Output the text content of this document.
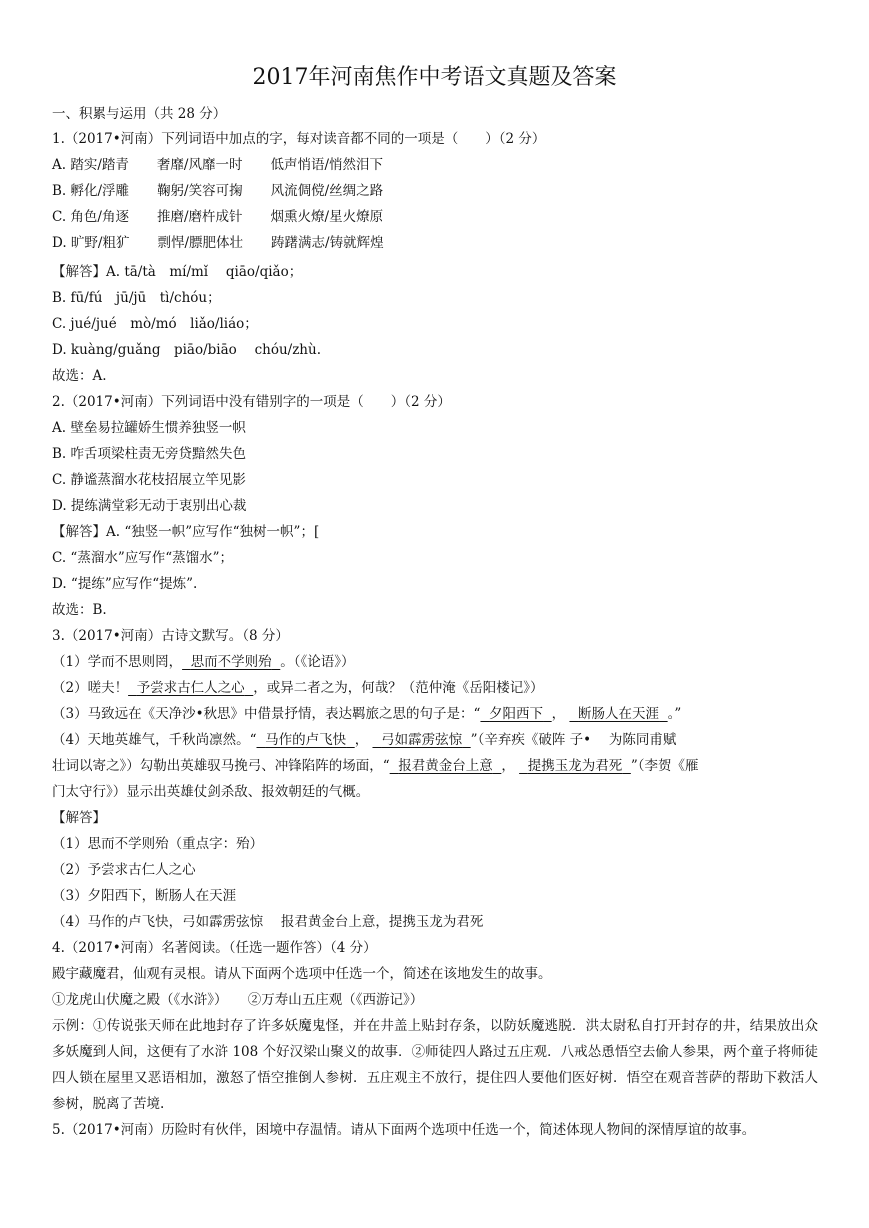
2017年河南焦作中考语文真题及答案
一、积累与运用（共 28 分）
1.（2017•河南）下列词语中加点的字，每对读音都不同的一项是（　　）（2 分）
A. 踏实/踏青 奢靡/风靡一时 低声悄语/悄然泪下
B. 孵化/浮雕 鞠躬/笑容可掬 风流倜傥/丝绸之路
C. 角色/角逐 推磨/磨杵成针 烟熏火燎/星火燎原
D. 旷野/粗犷 剽悍/膘肥体壮 踌躇满志/铸就辉煌
【解答】A. tā/tà　mí/mǐ　 qiāo/qiǎo；
B. fū/fú　jū/jū　tì/chóu；
C. jué/jué　mò/mó　liǎo/liáo；
D. kuàng/guǎng　piāo/biāo　 chóu/zhù.
故选：A.
2.（2017•河南）下列词语中没有错别字的一项是（　　）（2 分）
A. 壁垒易拉罐娇生惯养独竖一帜
B. 咋舌项梁柱责无旁贷黯然失色
C. 静谧蒸溜水花枝招展立竿见影
D. 提练满堂彩无动于衷别出心裁
【解答】A. “独竖一帜”应写作“独树一帜”；[
C. “蒸溜水”应写作“蒸馏水”；
D. “提练”应写作“提炼”.
故选：B.
3.（2017•河南）古诗文默写。（8 分）
（1）学而不思则罔， 思而不学则殆 。（《论语》）
（2）嗟夫！ 予尝求古仁人之心 ，或异二者之为，何哉？（范仲淹《岳阳楼记》）
（3）马致远在《天净沙•秋思》中借景抒情，表达羁旅之思的句子是：“ 夕阳西下 ， 断肠人在天涯 。”
（4）天地英雄气，千秋尚凛然。“ 马作的卢飞快 ， 弓如霹雳弦惊 ”（辛弃疾《破阵 子•　 为陈同甫赋
壮词以寄之》）勾勒出英雄驭马挽弓、冲锋陷阵的场面，“ 报君黄金台上意 ， 提携玉龙为君死 ”（李贺《雁
门太守行》）显示出英雄仗剑杀敌、报效朝廷的气概。
【解答】
（1）思而不学则殆（重点字：殆）
（2）予尝求古仁人之心
（3）夕阳西下，断肠人在天涯
（4）马作的卢飞快，弓如霹雳弦惊　 报君黄金台上意，提携玉龙为君死
4.（2017•河南）名著阅读。（任选一题作答）（4 分）
殿宇藏魔君，仙观有灵根。请从下面两个选项中任选一个，简述在该地发生的故事。
①龙虎山伏魔之殿（《水浒》）　　②万寿山五庄观（《西游记》）
示例：①传说张天师在此地封存了许多妖魔鬼怪，并在井盖上贴封存条，以防妖魔逃脱．洪太尉私自打开封存的井，结果放出众多妖魔到人间，这便有了水浒 108 个好汉梁山聚义的故事．②师徒四人路过五庄观．八戒怂恿悟空去偷人参果，两个童子将师徒四人锁在屋里又恶语相加，激怒了悟空推倒人参树．五庄观主不放行，提住四人要他们医好树．悟空在观音菩萨的帮助下救活人参树，脱离了苦境.
5.（2017•河南）历险时有伙伴，困境中存温情。请从下面两个选项中任选一个，简述体现人物间的深情厚谊的故事。
